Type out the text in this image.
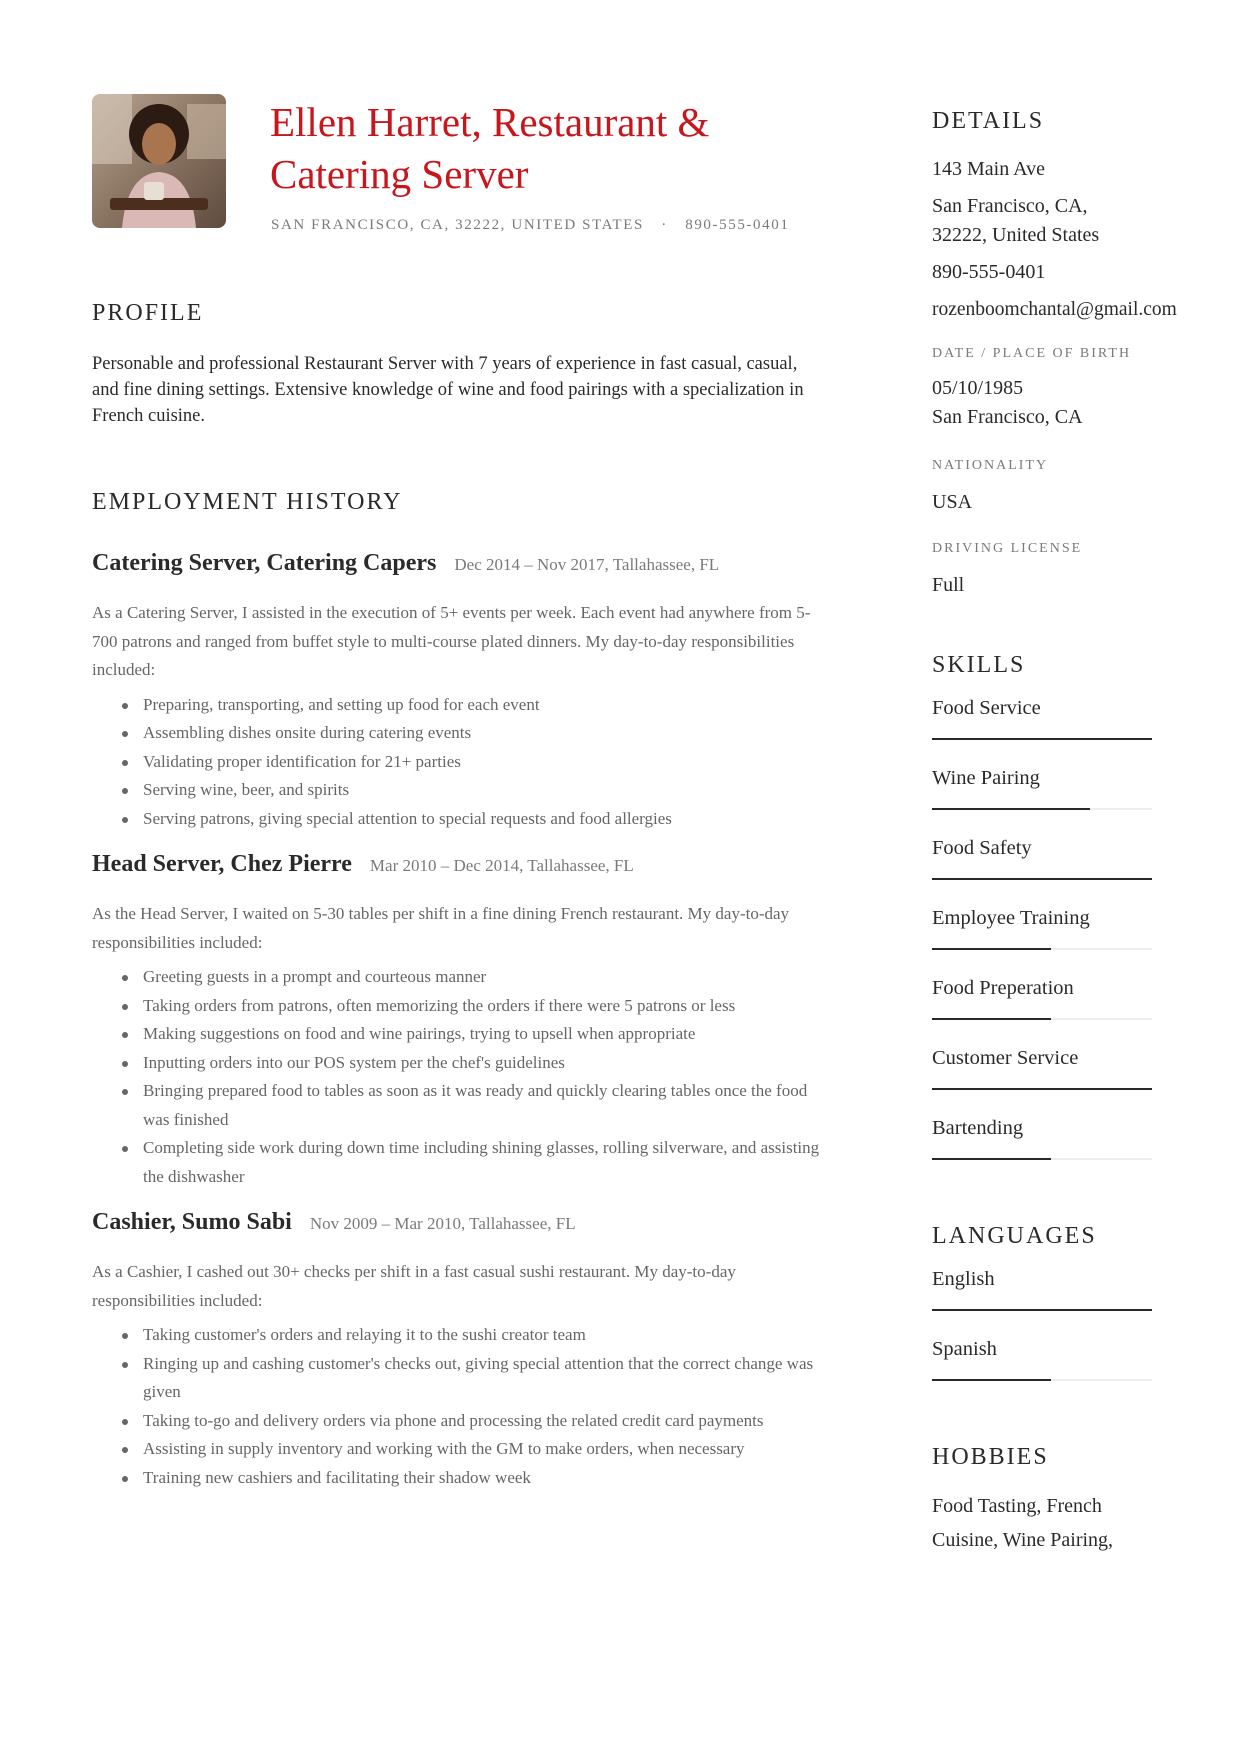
Ellen Harret, Restaurant & Catering Server
SAN FRANCISCO, CA, 32222, UNITED STATES · 890-555-0401
PROFILE

Personable and professional Restaurant Server with 7 years of experience in fast casual, casual, and fine dining settings. Extensive knowledge of wine and food pairings with a specialization in French cuisine.

EMPLOYMENT HISTORY
Catering Server, Catering Capers Dec 2014 – Nov 2017, Tallahassee, FL

As a Catering Server, I assisted in the execution of 5+ events per week. Each event had anywhere from 5-700 patrons and ranged from buffet style to multi-course plated dinners. My day-to-day responsibilities included:

Preparing, transporting, and setting up food for each event
Assembling dishes onsite during catering events
Validating proper identification for 21+ parties
Serving wine, beer, and spirits
Serving patrons, giving special attention to special requests and food allergies
Head Server, Chez Pierre Mar 2010 – Dec 2014, Tallahassee, FL

As the Head Server, I waited on 5-30 tables per shift in a fine dining French restaurant. My day-to-day responsibilities included:

Greeting guests in a prompt and courteous manner
Taking orders from patrons, often memorizing the orders if there were 5 patrons or less
Making suggestions on food and wine pairings, trying to upsell when appropriate
Inputting orders into our POS system per the chef's guidelines
Bringing prepared food to tables as soon as it was ready and quickly clearing tables once the food was finished
Completing side work during down time including shining glasses, rolling silverware, and assisting the dishwasher
Cashier, Sumo Sabi Nov 2009 – Mar 2010, Tallahassee, FL

As a Cashier, I cashed out 30+ checks per shift in a fast casual sushi restaurant. My day-to-day responsibilities included:

Taking customer's orders and relaying it to the sushi creator team
Ringing up and cashing customer's checks out, giving special attention that the correct change was given
Taking to-go and delivery orders via phone and processing the related credit card payments
Assisting in supply inventory and working with the GM to make orders, when necessary
Training new cashiers and facilitating their shadow week
DETAILS
143 Main Ave
San Francisco, CA, 32222, United States
890-555-0401
rozenboomchantal@gmail.com
DATE / PLACE OF BIRTH
05/10/1985
San Francisco, CA
NATIONALITY
USA
DRIVING LICENSE
Full
SKILLS
Food Service
Wine Pairing
Food Safety
Employee Training
Food Preperation
Customer Service
Bartending
LANGUAGES
English
Spanish
HOBBIES
Food Tasting, French Cuisine, Wine Pairing,
